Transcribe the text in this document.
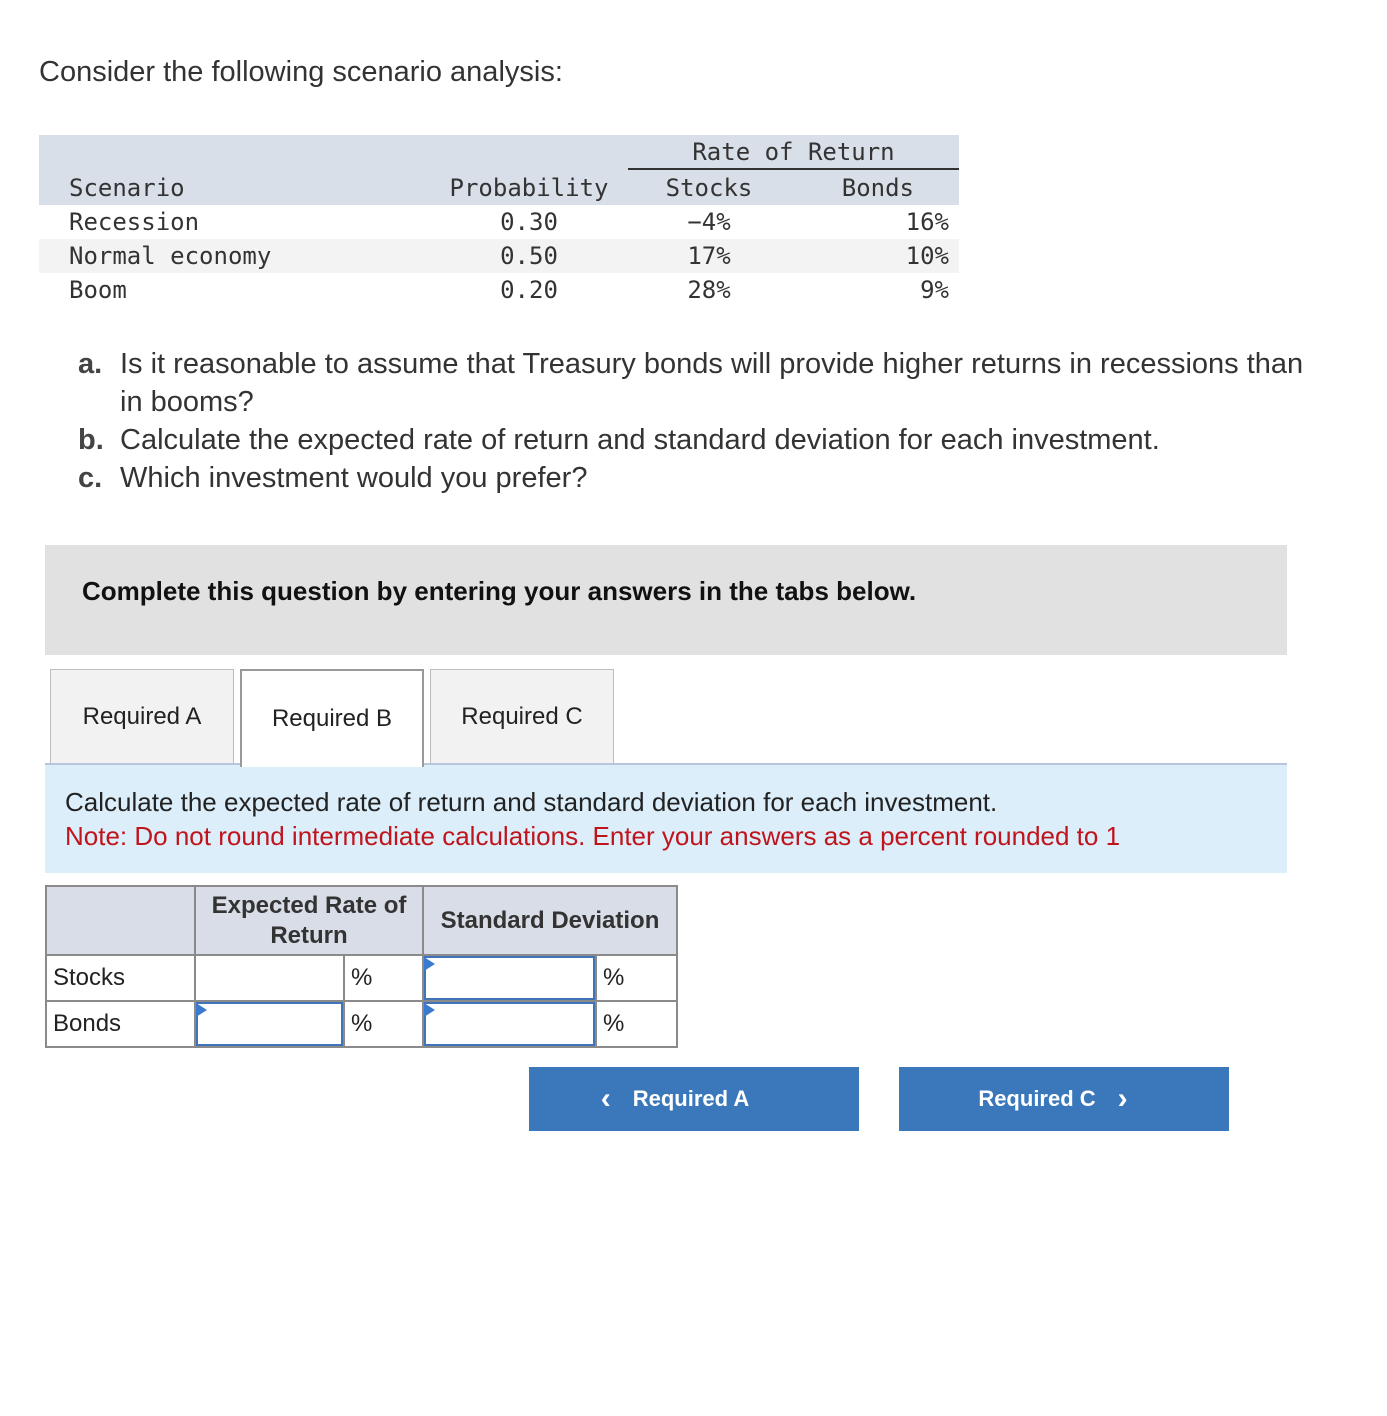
Consider the following scenario analysis:
Rate of Return
Scenario	Probability	Stocks	Bonds
Recession	0.30	−4%	16%
Normal economy	0.50	17%	10%
Boom	0.20	28%	9%
a. Is it reasonable to assume that Treasury bonds will provide higher returns in recessions than in booms?
b. Calculate the expected rate of return and standard deviation for each investment.
c. Which investment would you prefer?
Complete this question by entering your answers in the tabs below.
Required A	Required B	Required C
Calculate the expected rate of return and standard deviation for each investment.
Note: Do not round intermediate calculations. Enter your answers as a percent rounded to 1
	Expected Rate of Return		Standard Deviation	
Stocks		%		%
Bonds		%		%
‹ Required A	Required C ›
